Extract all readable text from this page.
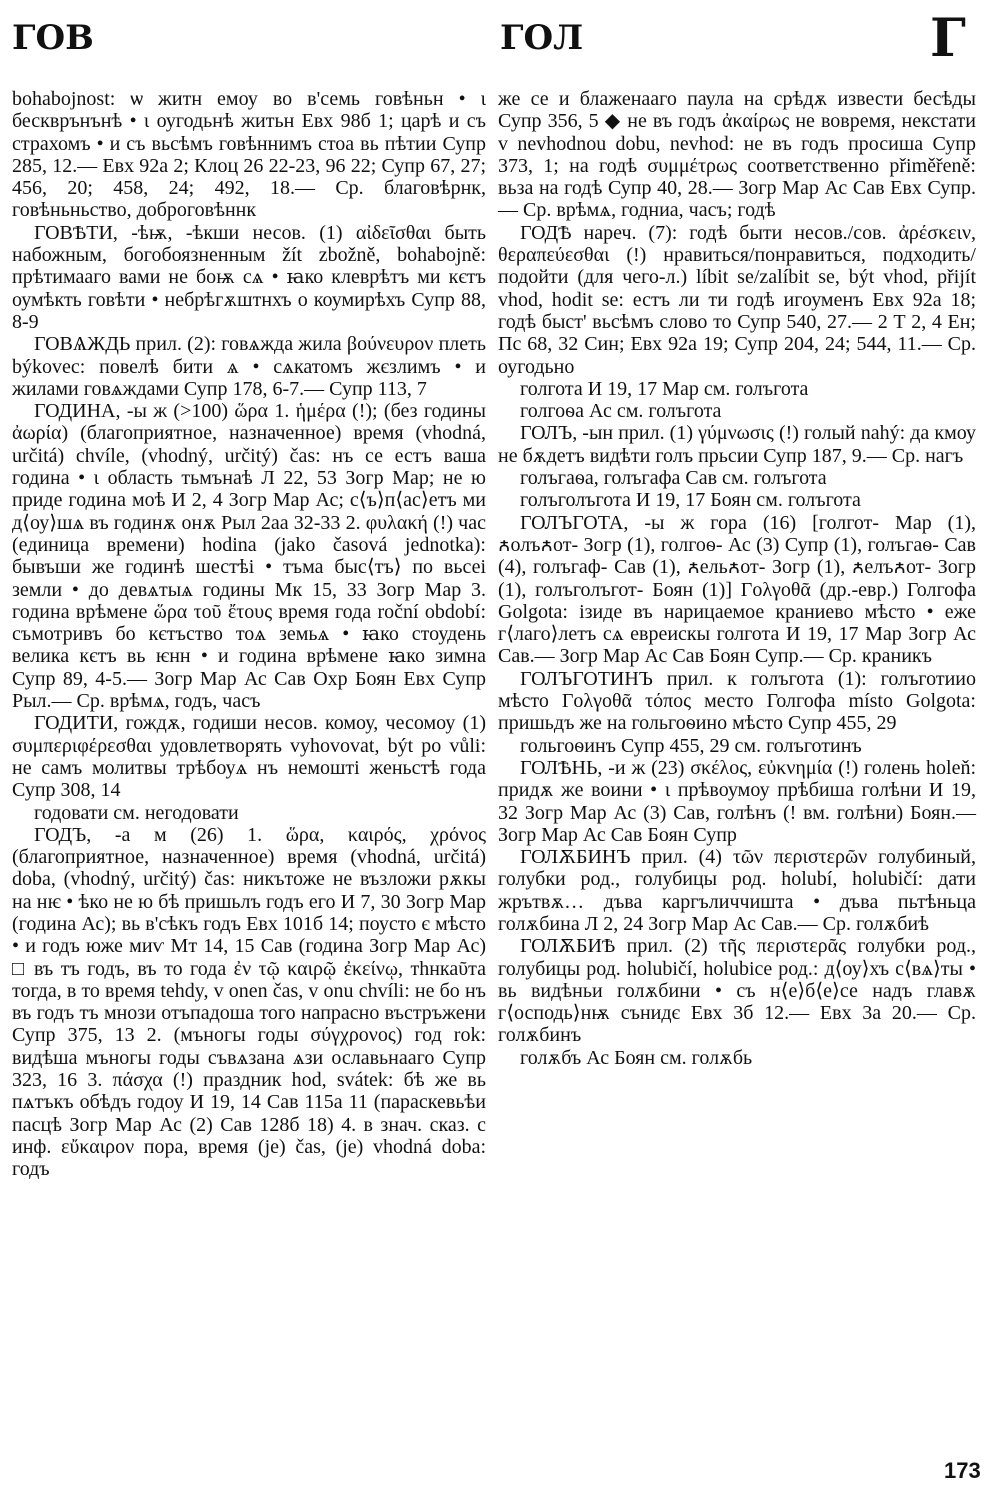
ГОВ	ГОЛ	Г

bohabojnost: ѡ житн емоу во в'семь говѣньн • ι бескврънънѣ • ι оугодьнѣ житьн Евх 98б 1; царѣ и съ страхомъ • и съ вьсѣмъ говѣннимъ стоа вь пѣтии Супр 285, 12.— Евх 92а 2; Клоц 26 22-23, 96 22; Супр 67, 27; 456, 20; 458, 24; 492, 18.— Ср. благовѣрнк, говѣньньство, доброговѣннк

ГОВѢТИ, -ѣѭ, -ѣкши несов. (1) αἰδεῖσθαι быть набожным, богобоязненным žít zbožně, bohabojně: прѣтимааго вами не боѭ сѧ • ꙗко клеврѣтъ ми кєтъ оумѣкть говѣти • небрѣгѫштнхъ о коумирѣхъ Супр 88, 8-9

ГОВѦЖДЬ прил. (2): говѧжда жила βούνευρον плеть býkovec: повелѣ бити ѧ • сѧкатомъ жєзлимъ • и жилами говѧждами Супр 178, 6-7.— Супр 113, 7

ГОДИНА, -ы ж (>100) ὥρα 1. ἡμέρα (!); (без годины ἀωρία) (благоприятное, назначенное) время (vhodná, určitá) chvíle, (vhodný, určitý) čas: нъ се естъ ваша година • ι область тьмънаѣ Л 22, 53 Зогр Мар; не ю приде година моѣ И 2, 4 Зогр Мар Ас; с⟨ъ⟩п⟨ас⟩етъ ми д⟨оу⟩шѧ въ годинѫ онѫ Рыл 2аа 32-33 2. φυλακή (!) час (единица времени) hodina (jako časová jednotka): бывъши же годинѣ шестѣі • тъма быс⟨тъ⟩ по вьсеі земли • до девѧтыѧ годины Мк 15, 33 Зогр Мар 3. година врѣмене ὥρα τοῦ ἔτους время года roční období: съмотривъ бо кєтъство тоѧ земьѧ • ꙗко стоудень велика кєтъ вь ѥнн • и година врѣмене ꙗко зимна Супр 89, 4-5.— Зогр Мар Ас Сав Охр Боян Евх Супр Рыл.— Ср. врѣмѧ, годъ, часъ

ГОДИТИ, гождѫ, годиши несов. комоу, чесомоу (1) συμπεριφέρεσθαι удовлетворять vyhovovat, být po vůli: не самъ молитвы трѣбоуѧ нъ немошті женьстѣ года Супр 308, 14

годовати см. негодовати

ГОДЪ, -а м (26) 1. ὥρα, καιρός, χρόνος (благоприятное, назначенное) время (vhodná, určitá) doba, (vhodný, určitý) čas: никътоже не възложи рѫкы на нѥ • ѣко не ю бѣ пришьлъ годъ его И 7, 30 Зогр Мар (година Ас); вь в'сѣкъ годъ Евх 101б 14; поусто є мѣсто • и годъ юже миѵ Мт 14, 15 Сав (година Зогр Мар Ас) □ въ тъ годъ, въ то года ἐν τῷ καιρῷ ἐκείνῳ, тhнкаῦта тогда, в то время tehdy, v onen čas, v onu chvíli: не бо нъ въ годъ тъ мнози отъпадоша того напрасно въстръжени Супр 375, 13 2. (мъногы годы σύγχρονος) год rok: видѣша мъногы годы съвѧзана ѧзи ославьнааго Супр 323, 16 3. πάσχα (!) праздник hod, svátek: бѣ же вь пѧтъкъ обѣдъ годоу И 19, 14 Сав 115а 11 (параскевьѣи пасцѣ Зогр Мар Ас (2) Сав 128б 18) 4. в знач. сказ. с инф. εὔκαιρον пора, время (je) čas, (je) vhodná doba: годъ

же се и блаженааго паула на срѣдѫ извести бесѣды Супр 356, 5 ◆ не въ годъ ἀκαίρως не вовремя, некстати v nevhodnou dobu, nevhod: не въ годъ просиша Супр 373, 1; на годѣ συμμέτρως соответственно přiměřeně: вьза на годѣ Супр 40, 28.— Зогр Мар Ас Сав Евх Супр.— Ср. врѣмѧ, годниа, часъ; годѣ

ГОДѢ нареч. (7): годѣ быти несов./сов. ἀρέσκειν, θεραπεύεσθαι (!) нравиться/понравиться, подходить/подойти (для чего-л.) líbit se/zalíbit se, být vhod, přijít vhod, hodit se: естъ ли ти годѣ игоуменъ Евх 92а 18; годѣ быст' вьсѣмъ слово то Супр 540, 27.— 2 Т 2, 4 Ен; Пс 68, 32 Син; Евх 92а 19; Супр 204, 24; 544, 11.— Ср. оугодьно

голгота И 19, 17 Мар см. голъгота

голгоѳа Ас см. голъгота

ГОЛЪ, -ын прил. (1) γύμνωσις (!) голый nahý: да кмоу не бѫдетъ видѣти голъ прьсии Супр 187, 9.— Ср. нагъ

голъгаѳа, голъгафа Сав см. голъгота

голъголъгота И 19, 17 Боян см. голъгота

ГОЛЪГОТА, -ы ж гора (16) [голгот- Мар (1), ꙉолъꙉот- Зогр (1), голгоѳ- Ас (3) Супр (1), голъгаѳ- Сав (4), голъгаф- Сав (1), ꙉельꙉот- Зогр (1), ꙉелъꙉот- Зогр (1), голъголъгот- Боян (1)] Γολγοθᾶ (др.-евр.) Голгофа Golgota: ізиде въ нарицаемое краниево мѣсто • еже г⟨лаго⟩летъ сѧ евреискы голгота И 19, 17 Мар Зогр Ас Сав.— Зогр Мар Ас Сав Боян Супр.— Ср. краникъ

ГОЛЪГОТИНЪ прил. к голъгота (1): голъготиио мѣсто Γολγοθᾶ τόπος место Голгофа místo Golgota: пришьдъ же на гольгоѳино мѣсто Супр 455, 29

гольгоѳинъ Супр 455, 29 см. голъготинъ

ГОЛѢНЬ, -и ж (23) σκέλος, εὐκνημία (!) голень holeň: придѫ же воини • ι прѣвоумоу прѣбиша голѣни И 19, 32 Зогр Мар Ас (3) Сав, голѣнъ (! вм. голѣни) Боян.— Зогр Мар Ас Сав Боян Супр

ГОЛѪБИНЪ прил. (4) τῶν περιστερῶν голубиный, голубки род., голубицы род. holubí, holubičí: дати жрътвѫ… дъва каргъличчишта • дъва пьтѣньца голѫбина Л 2, 24 Зогр Мар Ас Сав.— Ср. голѫбиѣ

ГОЛѪБИѢ прил. (2) τῆς περιστερᾶς голубки род., голубицы род. holubičí, holubice род.: д⟨оу⟩хъ с⟨вѧ⟩ты • вь видѣньи голѫбини • съ н⟨е⟩б⟨е⟩се надъ главѫ г⟨осподь⟩нѭ сънидє Евх 3б 12.— Евх 3а 20.— Ср. голѫбинъ

голѫбъ Ас Боян см. голѫбь

173
